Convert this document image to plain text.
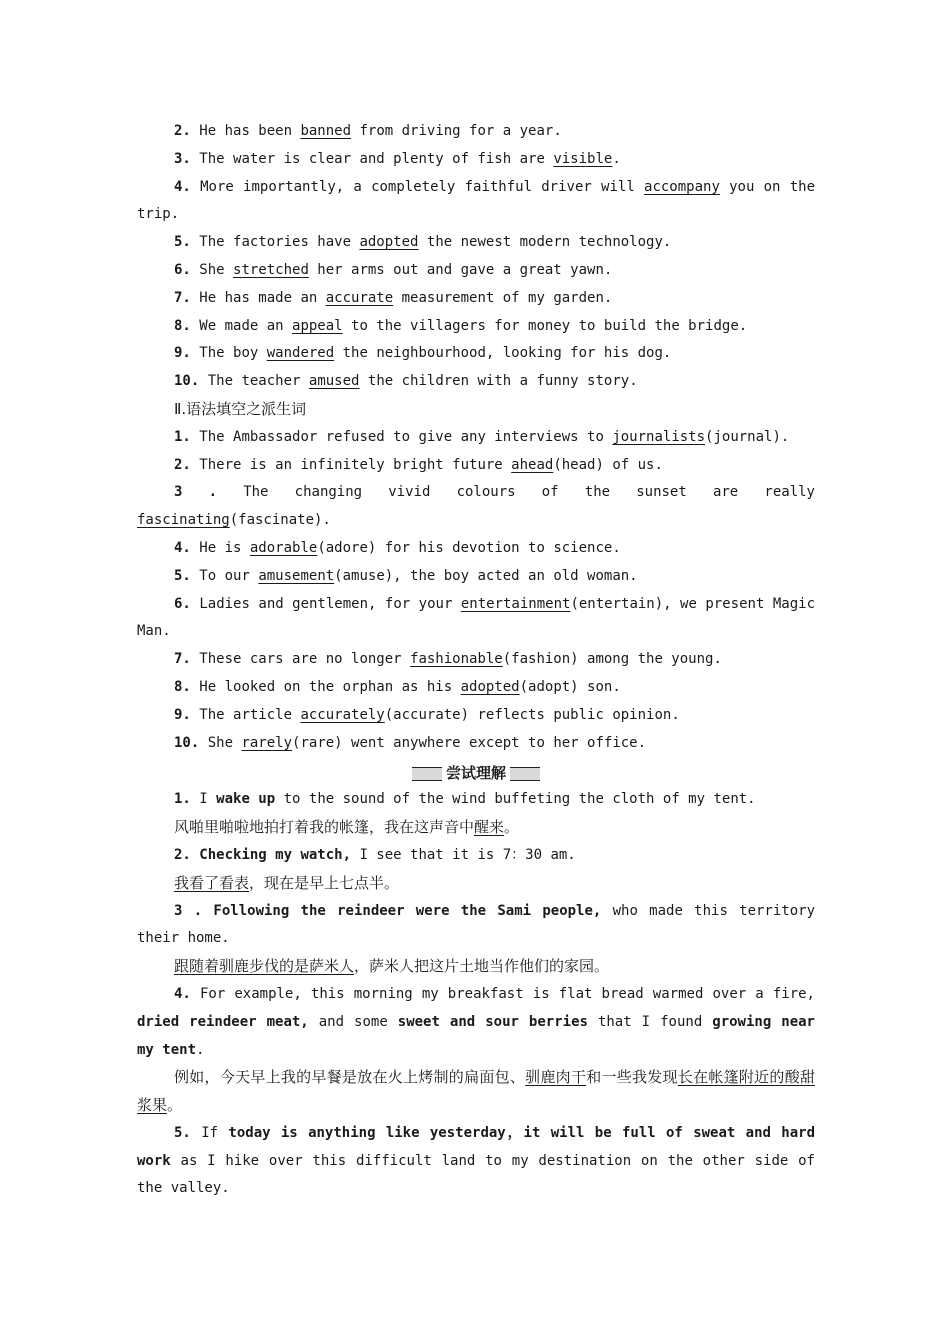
2. He has been banned from driving for a year.

3. The water is clear and plenty of fish are visible.

4. More importantly, a completely faithful driver will accompany you on the trip.

5. The factories have adopted the newest modern technology.

6. She stretched her arms out and gave a great yawn.

7. He has made an accurate measurement of my garden.

8. We made an appeal to the villagers for money to build the bridge.

9. The boy wandered the neighbourhood, looking for his dog.

10. The teacher amused the children with a funny story.

Ⅱ.语法填空之派生词

1. The Ambassador refused to give any interviews to journalists(journal).

2. There is an infinitely bright future ahead(head) of us.

3 . The changing vivid colours of the sunset are really fascinating(fascinate).

4. He is adorable(adore) for his devotion to science.

5. To our amusement(amuse), the boy acted an old woman.

6. Ladies and gentlemen, for your entertainment(entertain), we present Magic Man.

7. These cars are no longer fashionable(fashion) among the young.

8. He looked on the orphan as his adopted(adopt) son.

9. The article accurately(accurate) reflects public opinion.

10. She rarely(rare) went anywhere except to her office.

尝试理解

1. I wake up to the sound of the wind buffeting the cloth of my tent.

风啪里啪啦地拍打着我的帐篷，我在这声音中醒来。

2. Checking my watch, I see that it is 7：30 am.

我看了看表，现在是早上七点半。

3 . Following the reindeer were the Sami people, who made this territory their home.

跟随着驯鹿步伐的是萨米人，萨米人把这片土地当作他们的家园。

4. For example, this morning my breakfast is flat bread warmed over a fire, dried reindeer meat, and some sweet and sour berries that I found growing near my tent.

例如，今天早上我的早餐是放在火上烤制的扁面包、驯鹿肉干和一些我发现长在帐篷附近的酸甜浆果。

5. If today is anything like yesterday，it will be full of sweat and hard work as I hike over this difficult land to my destination on the other side of the valley.
